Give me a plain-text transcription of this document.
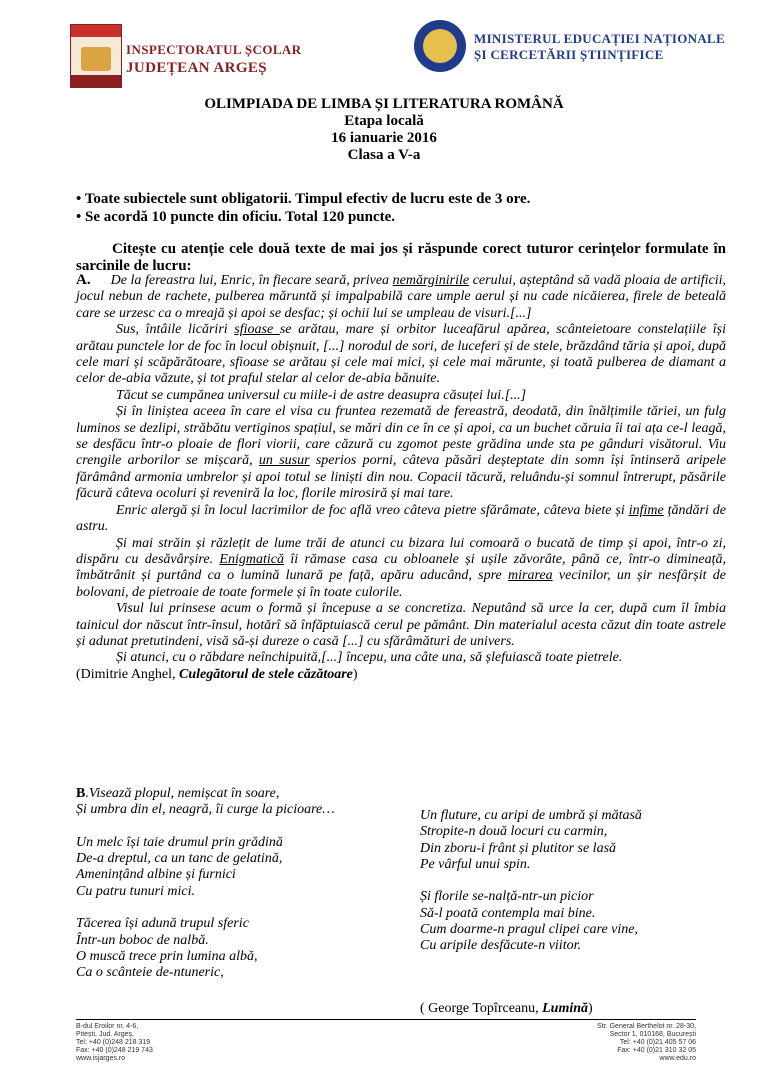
INSPECTORATUL ȘCOLAR
JUDEȚEAN ARGEȘ
MINISTERUL EDUCAȚIEI NAȚIONALE
ȘI CERCETĂRII ȘTIINȚIFICE
OLIMPIADA DE LIMBA ȘI LITERATURA ROMÂNĂ
Etapa locală
16 ianuarie 2016
Clasa a V-a
• Toate subiectele sunt obligatorii. Timpul efectiv de lucru este de 3 ore.
• Se acordă 10 puncte din oficiu. Total 120 puncte.
Citește cu atenție cele două texte de mai jos și răspunde corect tuturor cerințelor formulate în sarcinile de lucru:

A. De la fereastra lui, Enric, în fiecare seară, privea nemărginirile cerului, așteptând să vadă ploaia de artificii, jocul nebun de rachete, pulberea măruntă și impalpabilă care umple aerul și nu cade nicăierea, firele de beteală care se urzesc ca o mreajă și apoi se desfac; și ochii lui se umpleau de visuri.[...]

Sus, întâile licăriri sfioase se arătau, mare și orbitor luceafărul apărea, scânteietoare constelațiile își arătau punctele lor de foc în locul obișnuit, [...] norodul de sori, de luceferi și de stele, brăzdând tăria și apoi, după cele mari și scăpărătoare, sfioase se arătau și cele mai mici, și cele mai mărunte, și toată pulberea de diamant a celor de-abia văzute, și tot praful stelar al celor de-abia bănuite.

Tăcut se cumpănea universul cu miile-i de astre deasupra căsuței lui.[...]

Și în liniștea aceea în care el visa cu fruntea rezemată de fereastră, deodată, din înălțimile tăriei, un fulg luminos se dezlipi, străbătu vertiginos spațiul, se mări din ce în ce și apoi, ca un buchet căruia îi tai ața ce-l leagă, se desfăcu într-o ploaie de flori viorii, care căzură cu zgomot peste grădina unde sta pe gânduri visătorul. Viu crengile arborilor se mișcară, un susur sperios porni, câteva păsări deșteptate din somn își întinseră aripele fărâmând armonia umbrelor și apoi totul se liniști din nou. Copacii tăcură, reluându-și somnul întrerupt, păsările făcură câteva ocoluri și reveniră la loc, florile mirosiră și mai tare.

Enric alergă și în locul lacrimilor de foc află vreo câteva pietre sfărâmate, câteva biete și infime țăndări de astru.

Și mai străin și răzlețit de lume trăi de atunci cu bizara lui comoară o bucată de timp și apoi, într-o zi, dispăru cu desăvârșire. Enigmatică îi rămase casa cu obloanele și ușile zăvorâte, până ce, într-o dimineață, îmbătrânit și purtând ca o lumină lunară pe față, apăru aducând, spre mirarea vecinilor, un șir nesfârșit de bolovani, de pietroaie de toate formele și în toate culorile.

Visul lui prinsese acum o formă și începuse a se concretiza. Neputând să urce la cer, după cum îl îmbia tainicul dor născut într-însul, hotărî să înfăptuiască cerul pe pământ. Din materialul acesta căzut din toate astrele și adunat pretutindeni, visă să-și dureze o casă [...] cu sfărâmături de univers.

Și atunci, cu o răbdare neînchipuită,[...] începu, una câte una, să șlefuiască toate pietrele.

(Dimitrie Anghel, Culegătorul de stele căzătoare)

B.Visează plopul, nemișcat în soare,
Și umbra din el, neagră, îi curge la picioare…
Un melc își taie drumul prin grădină
De-a dreptul, ca un tanc de gelatină,
Amenințând albine și furnici
Cu patru tunuri mici.
Tăcerea își adună trupul sferic
Într-un boboc de nalbă.
O muscă trece prin lumina albă,
Ca o scânteie de-ntuneric,
Un fluture, cu aripi de umbră și mătasă
Stropite-n două locuri cu carmin,
Din zboru-i frânt și plutitor se lasă
Pe vârful unui spin.
Și florile se-nalță-ntr-un picior
Să-l poată contempla mai bine.
Cum doarme-n pragul clipei care vine,
Cu aripile desfăcute-n viitor.
( George Topîrceanu, Lumină)
B-dul Eroilor nr. 4-6,
Pitești, Jud. Argeș,
Tel: +40 (0)248 218 319
Fax: +40 (0)248 219 743
www.isjarges.ro
Str. General Berthelot nr. 28-30,
Sector 1, 010168, București
Tel: +40 (0)21 405 57 06
Fax: +40 (0)21 310 32 05
www.edu.ro
